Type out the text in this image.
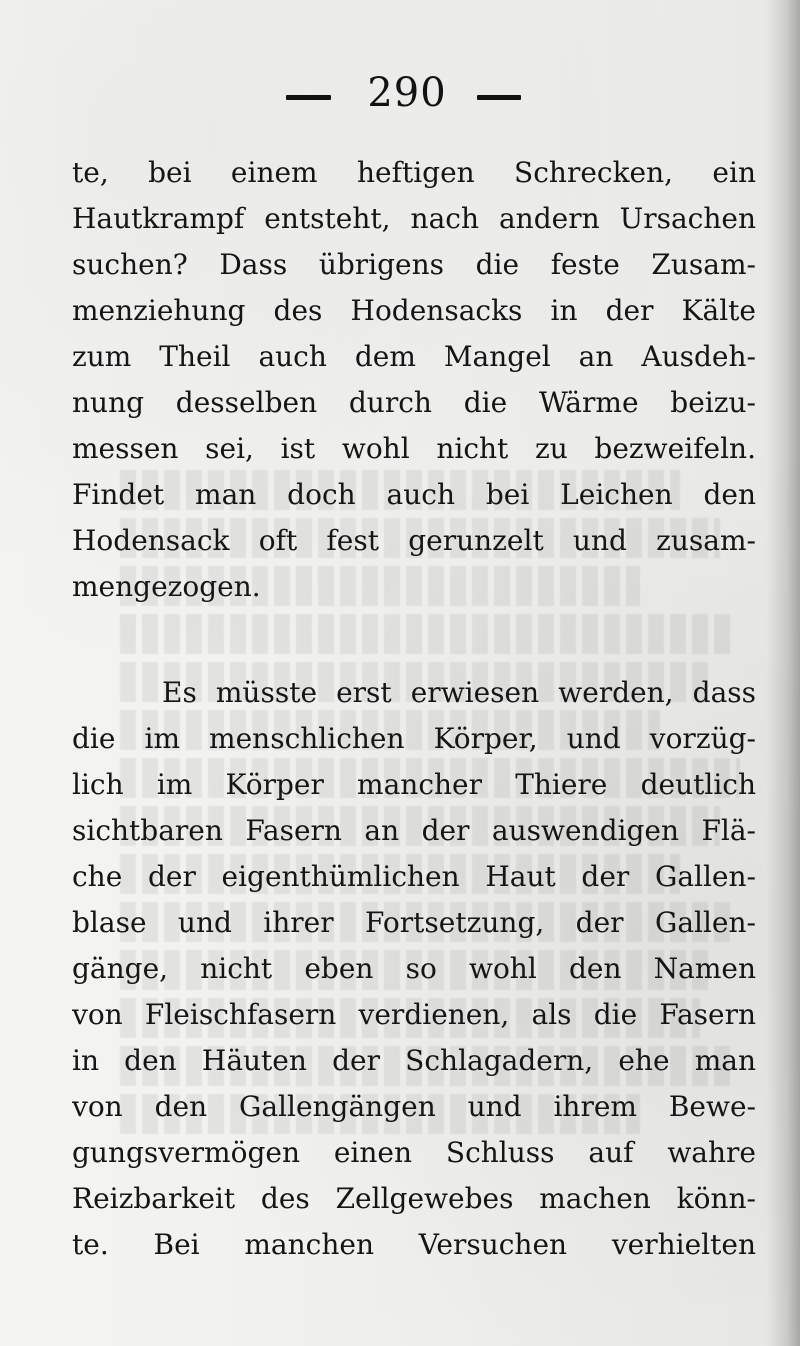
290
te, bei einem heftigen Schrecken, ein
Hautkrampf entsteht, nach andern Ursachen
suchen? Dass übrigens die feste Zusam-
menziehung des Hodensacks in der Kälte
zum Theil auch dem Mangel an Ausdeh-
nung desselben durch die Wärme beizu-
messen sei, ist wohl nicht zu bezweifeln.
Findet man doch auch bei Leichen den
Hodensack oft fest gerunzelt und zusam-
mengezogen.
Es müsste erst erwiesen werden, dass
die im menschlichen Körper, und vorzüg-
lich im Körper mancher Thiere deutlich
sichtbaren Fasern an der auswendigen Flä-
che der eigenthümlichen Haut der Gallen-
blase und ihrer Fortsetzung, der Gallen-
gänge, nicht eben so wohl den Namen
von Fleischfasern verdienen, als die Fasern
in den Häuten der Schlagadern, ehe man
von den Gallengängen und ihrem Bewe-
gungsvermögen einen Schluss auf wahre
Reizbarkeit des Zellgewebes machen könn-
te. Bei manchen Versuchen verhielten
